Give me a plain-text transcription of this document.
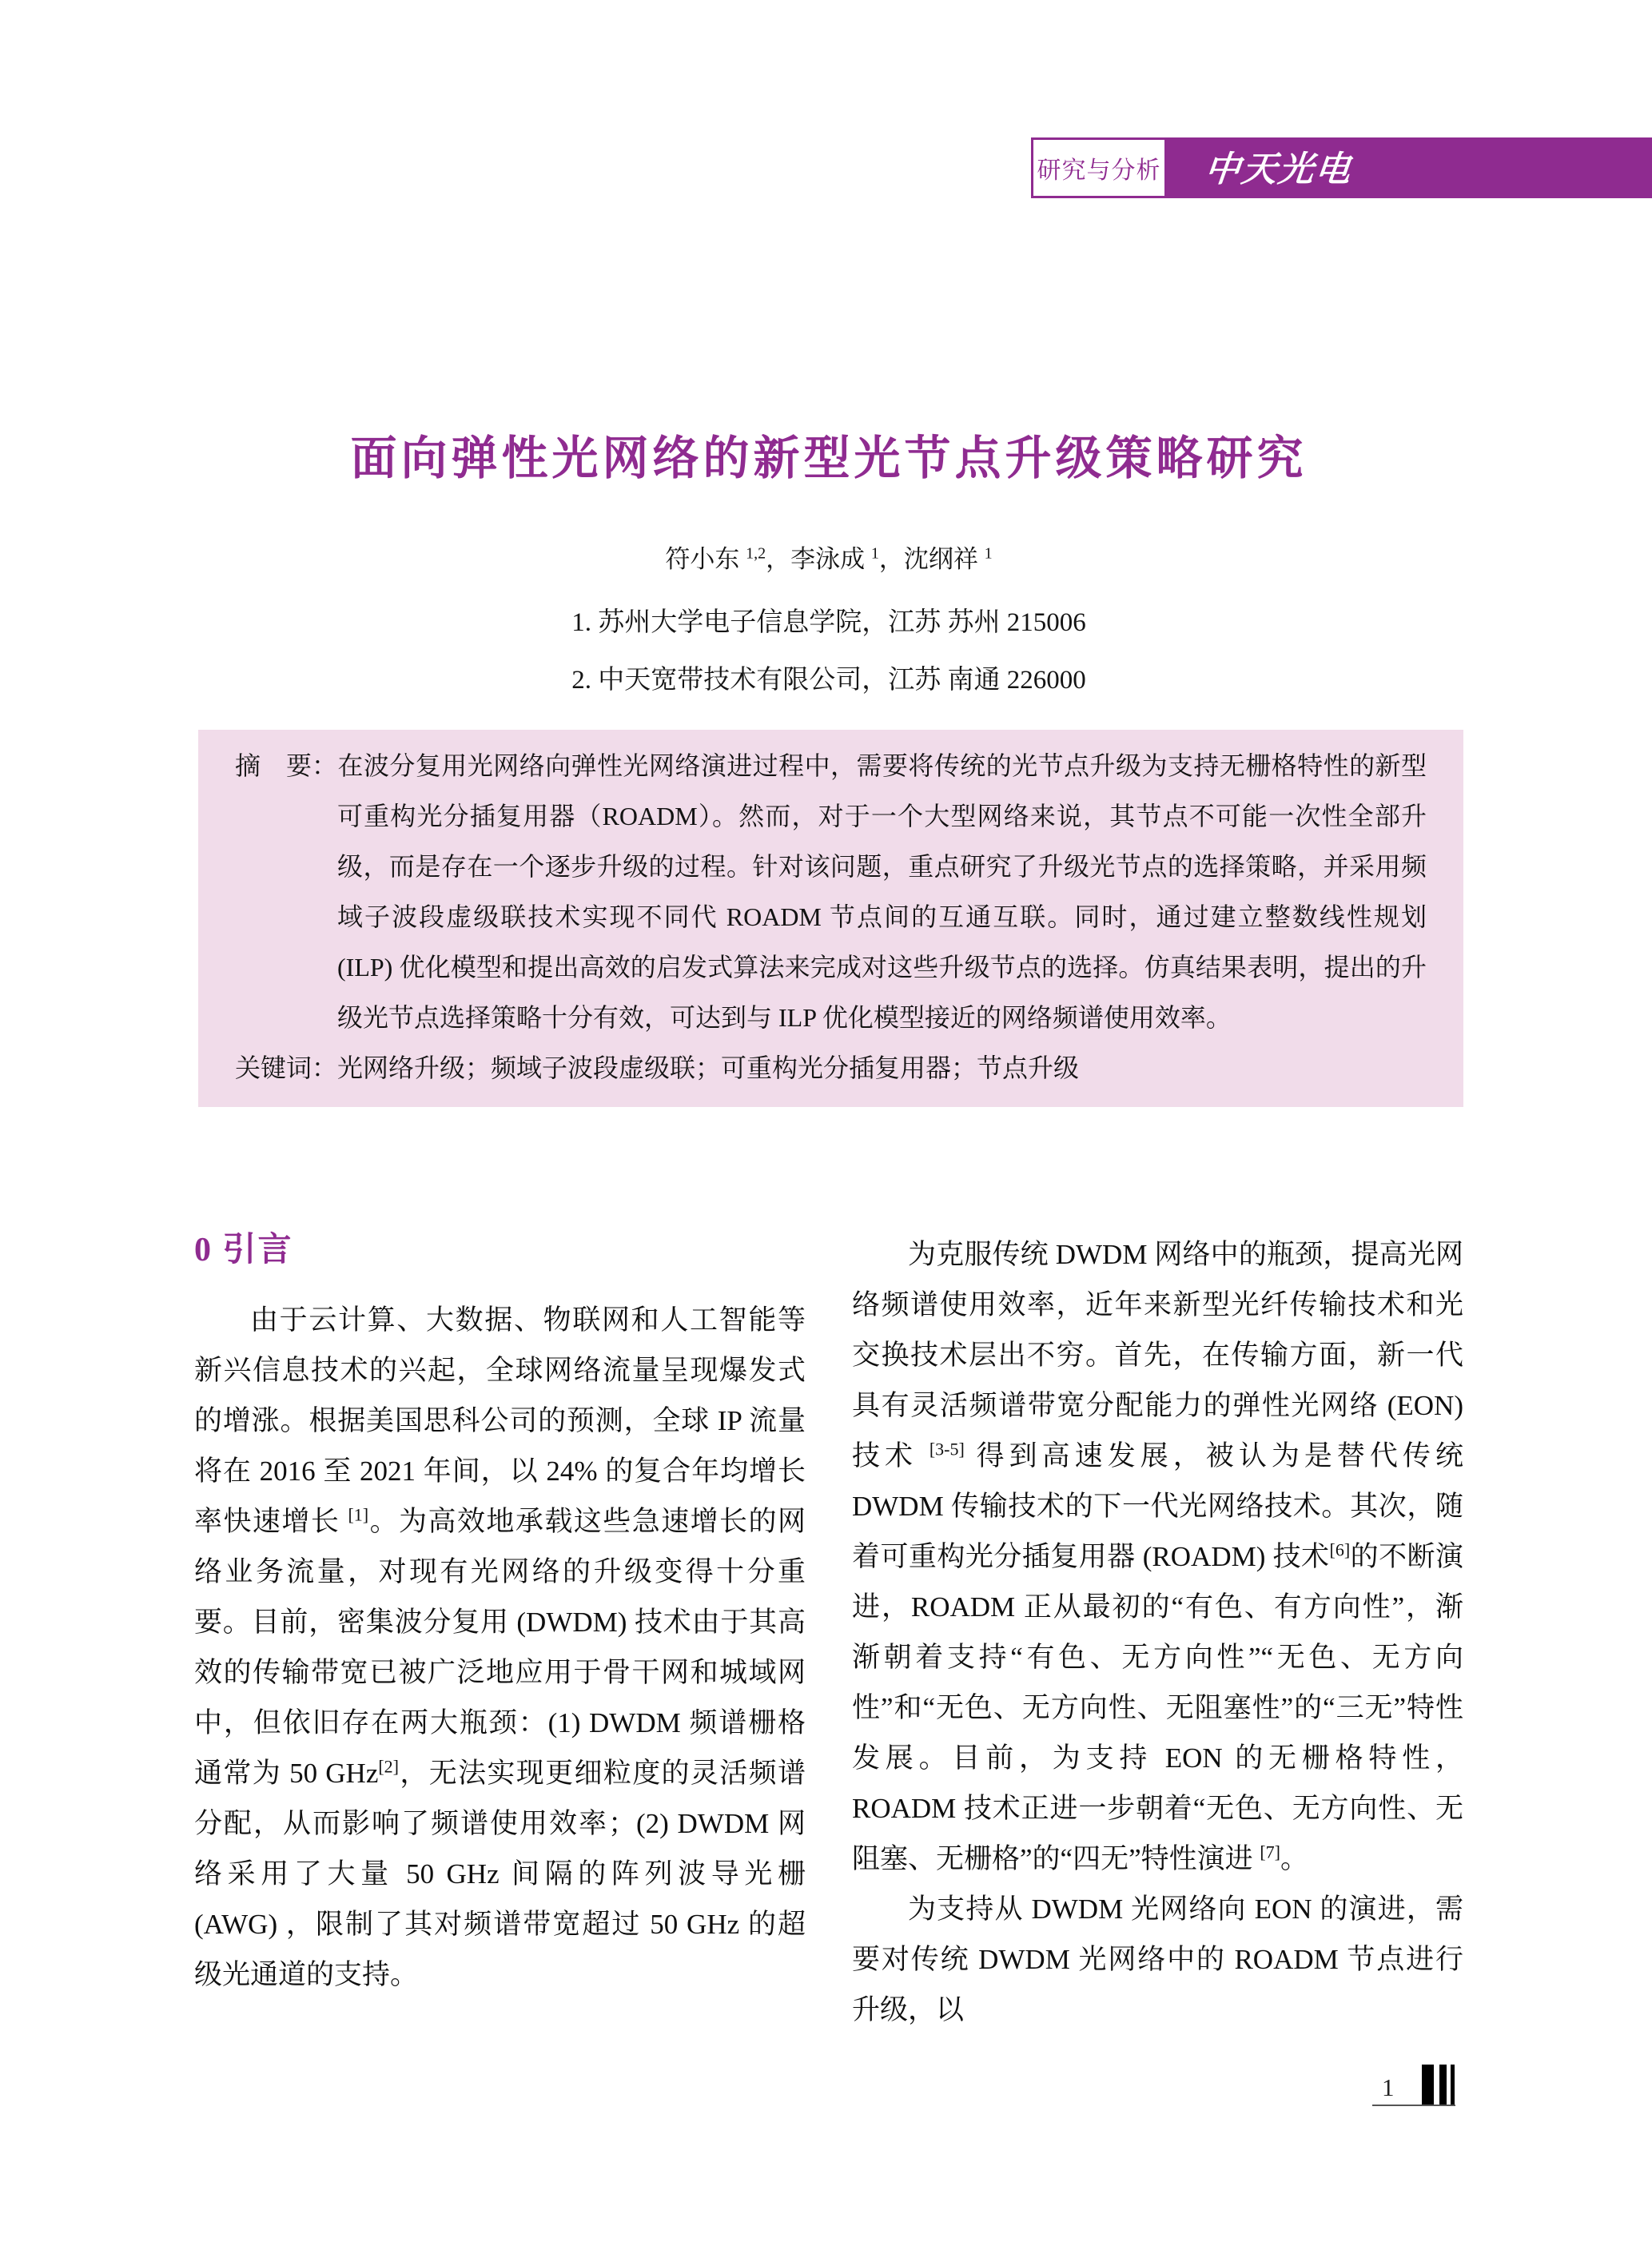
研究与分析 中天光电
面向弹性光网络的新型光节点升级策略研究
符小东 $^{1,2}$，李泳成 $^1$，沈纲祥 $^1$
1. 苏州大学电子信息学院，江苏 苏州 215006
2. 中天宽带技术有限公司，江苏 南通 226000

摘　要：在波分复用光网络向弹性光网络演进过程中，需要将传统的光节点升级为支持无栅格特性的新型可重构光分插复用器（ROADM）。然而，对于一个大型网络来说，其节点不可能一次性全部升级，而是存在一个逐步升级的过程。针对该问题，重点研究了升级光节点的选择策略，并采用频域子波段虚级联技术实现不同代 ROADM 节点间的互通互联。同时，通过建立整数线性规划 (ILP) 优化模型和提出高效的启发式算法来完成对这些升级节点的选择。仿真结果表明，提出的升级光节点选择策略十分有效，可达到与 ILP 优化模型接近的网络频谱使用效率。

关键词：光网络升级；频域子波段虚级联；可重构光分插复用器；节点升级

0 引言

由于云计算、大数据、物联网和人工智能等新兴信息技术的兴起，全球网络流量呈现爆发式的增涨。根据美国思科公司的预测，全球 IP 流量将在 2016 至 2021 年间，以 24% 的复合年均增长率快速增长 [1]。为高效地承载这些急速增长的网络业务流量，对现有光网络的升级变得十分重要。目前，密集波分复用 (DWDM) 技术由于其高效的传输带宽已被广泛地应用于骨干网和城域网中，但依旧存在两大瓶颈：(1) DWDM 频谱栅格通常为 50 GHz[2]，无法实现更细粒度的灵活频谱分配，从而影响了频谱使用效率；(2) DWDM 网络采用了大量 50 GHz 间隔的阵列波导光栅 (AWG) ，限制了其对频谱带宽超过 50 GHz 的超级光通道的支持。

为克服传统 DWDM 网络中的瓶颈，提高光网络频谱使用效率，近年来新型光纤传输技术和光交换技术层出不穷。首先，在传输方面，新一代具有灵活频谱带宽分配能力的弹性光网络 (EON) 技术 [3-5] 得到高速发展，被认为是替代传统 DWDM 传输技术的下一代光网络技术。其次，随着可重构光分插复用器 (ROADM) 技术[6]的不断演进，ROADM 正从最初的“有色、有方向性”，渐渐朝着支持“有色、无方向性”“无色、无方向性”和“无色、无方向性、无阻塞性”的“三无”特性发展。目前，为支持 EON 的无栅格特性，ROADM 技术正进一步朝着“无色、无方向性、无阻塞、无栅格”的“四无”特性演进 [7]。

为支持从 DWDM 光网络向 EON 的演进，需要对传统 DWDM 光网络中的 ROADM 节点进行升级，以

1
